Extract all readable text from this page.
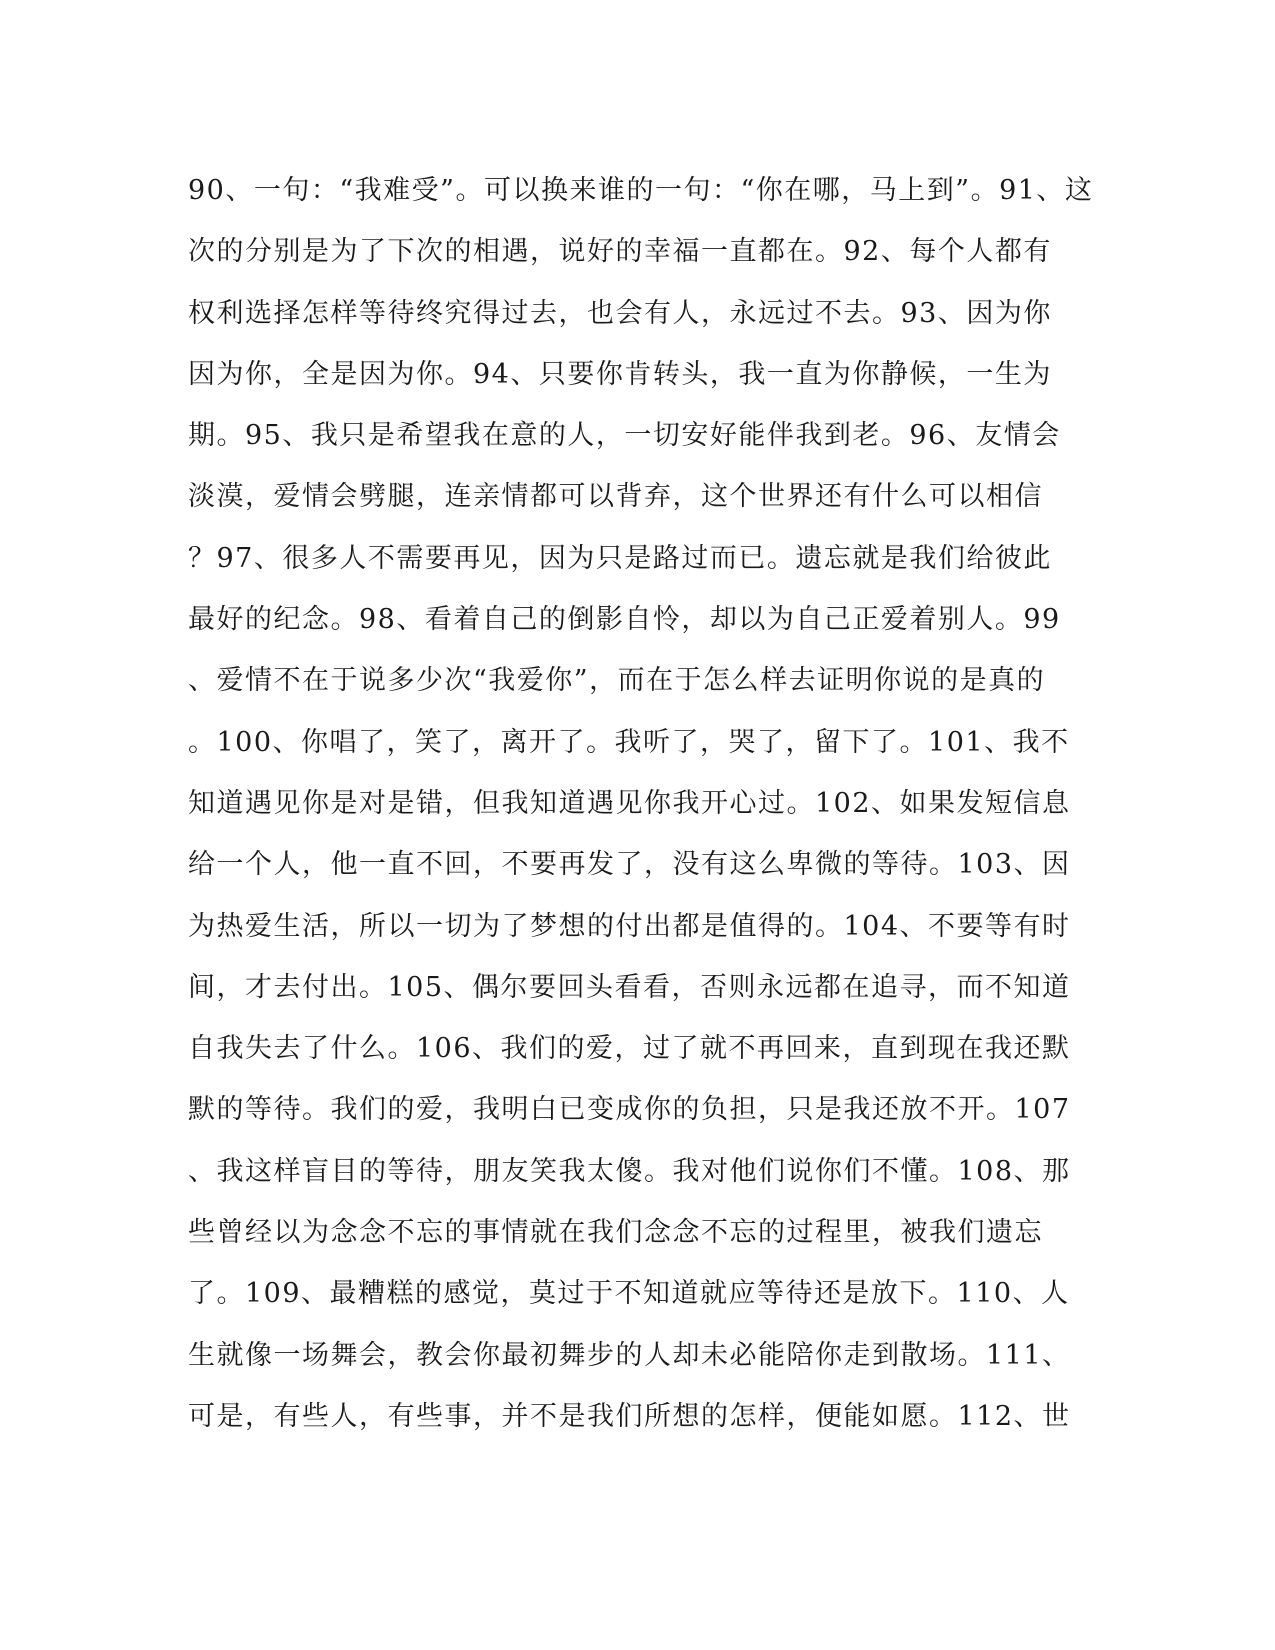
90、一句：“我难受”。可以换来谁的一句：“你在哪，马上到”。91、这
次的分别是为了下次的相遇，说好的幸福一直都在。92、每个人都有
权利选择怎样等待终究得过去，也会有人，永远过不去。93、因为你
因为你，全是因为你。94、只要你肯转头，我一直为你静候，一生为
期。95、我只是希望我在意的人，一切安好能伴我到老。96、友情会
淡漠，爱情会劈腿，连亲情都可以背弃，这个世界还有什么可以相信
？97、很多人不需要再见，因为只是路过而已。遗忘就是我们给彼此
最好的纪念。98、看着自己的倒影自怜，却以为自己正爱着别人。99
、爱情不在于说多少次“我爱你”，而在于怎么样去证明你说的是真的
。100、你唱了，笑了，离开了。我听了，哭了，留下了。101、我不
知道遇见你是对是错，但我知道遇见你我开心过。102、如果发短信息
给一个人，他一直不回，不要再发了，没有这么卑微的等待。103、因
为热爱生活，所以一切为了梦想的付出都是值得的。104、不要等有时
间，才去付出。105、偶尔要回头看看，否则永远都在追寻，而不知道
自我失去了什么。106、我们的爱，过了就不再回来，直到现在我还默
默的等待。我们的爱，我明白已变成你的负担，只是我还放不开。107
、我这样盲目的等待，朋友笑我太傻。我对他们说你们不懂。108、那
些曾经以为念念不忘的事情就在我们念念不忘的过程里，被我们遗忘
了。109、最糟糕的感觉，莫过于不知道就应等待还是放下。110、人
生就像一场舞会，教会你最初舞步的人却未必能陪你走到散场。111、
可是，有些人，有些事，并不是我们所想的怎样，便能如愿。112、世
